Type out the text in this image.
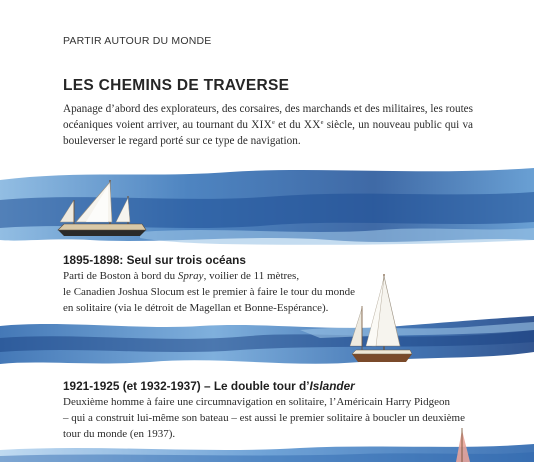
PARTIR AUTOUR DU MONDE
LES CHEMINS DE TRAVERSE
Apanage d’abord des explorateurs, des corsaires, des marchands et des militaires, les routes océaniques voient arriver, au tournant du XIXe et du XXe siècle, un nouveau public qui va bouleverser le regard porté sur ce type de navigation.
1895-1898: Seul sur trois océans
Parti de Boston à bord du Spray, voilier de 11 mètres,
le Canadien Joshua Slocum est le premier à faire le tour du monde
en solitaire (via le détroit de Magellan et Bonne-Espérance).
1921-1925 (et 1932-1937) – Le double tour d’Islander
Deuxième homme à faire une circumnavigation en solitaire, l’Américain Harry Pidgeon
– qui a construit lui-même son bateau – est aussi le premier solitaire à boucler un deuxième
tour du monde (en 1937).
